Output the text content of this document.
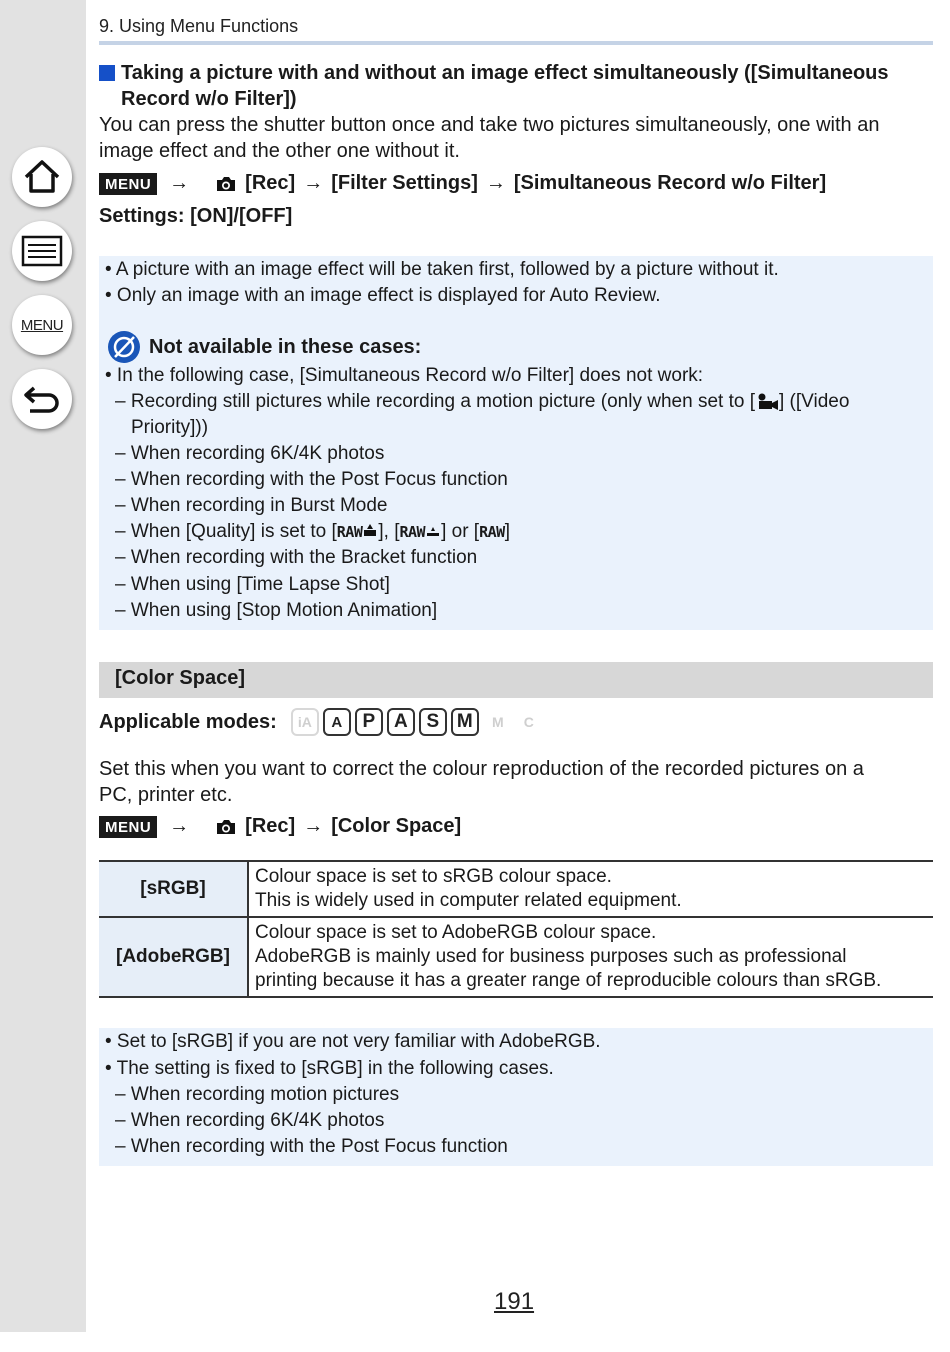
MENU
9. Using Menu Functions
Taking a picture with and without an image effect simultaneously ([Simultaneous
Record w/o Filter])
You can press the shutter button once and take two pictures simultaneously, one with an
image effect and the other one without it.
MENU →	[Rec] → [Filter Settings] → [Simultaneous Record w/o Filter]
Settings: [ON]/[OFF]
• A picture with an image effect will be taken first, followed by a picture without it.
• Only an image with an image effect is displayed for Auto Review.
Not available in these cases:
• In the following case, [Simultaneous Record w/o Filter] does not work:
– Recording still pictures while recording a motion picture (only when set to [ ] ([Video
Priority]))
– When recording 6K/4K photos
– When recording with the Post Focus function
– When recording in Burst Mode
– When [Quality] is set to [RAW ], [RAW ] or [RAW]
– When recording with the Bracket function
– When using [Time Lapse Shot]
– When using [Stop Motion Animation]
[Color Space]
Applicable modes:	iA	A	P A S M	M	C
Set this when you want to correct the colour reproduction of the recorded pictures on a
PC, printer etc.
MENU →	[Rec] → [Color Space]
[sRGB]	Colour space is set to sRGB colour space.
This is widely used in computer related equipment.

[AdobeRGB]	Colour space is set to AdobeRGB colour space.
AdobeRGB is mainly used for business purposes such as professional
printing because it has a greater range of reproducible colours than sRGB.
• Set to [sRGB] if you are not very familiar with AdobeRGB.
• The setting is fixed to [sRGB] in the following cases.
– When recording motion pictures
– When recording 6K/4K photos
– When recording with the Post Focus function
191
